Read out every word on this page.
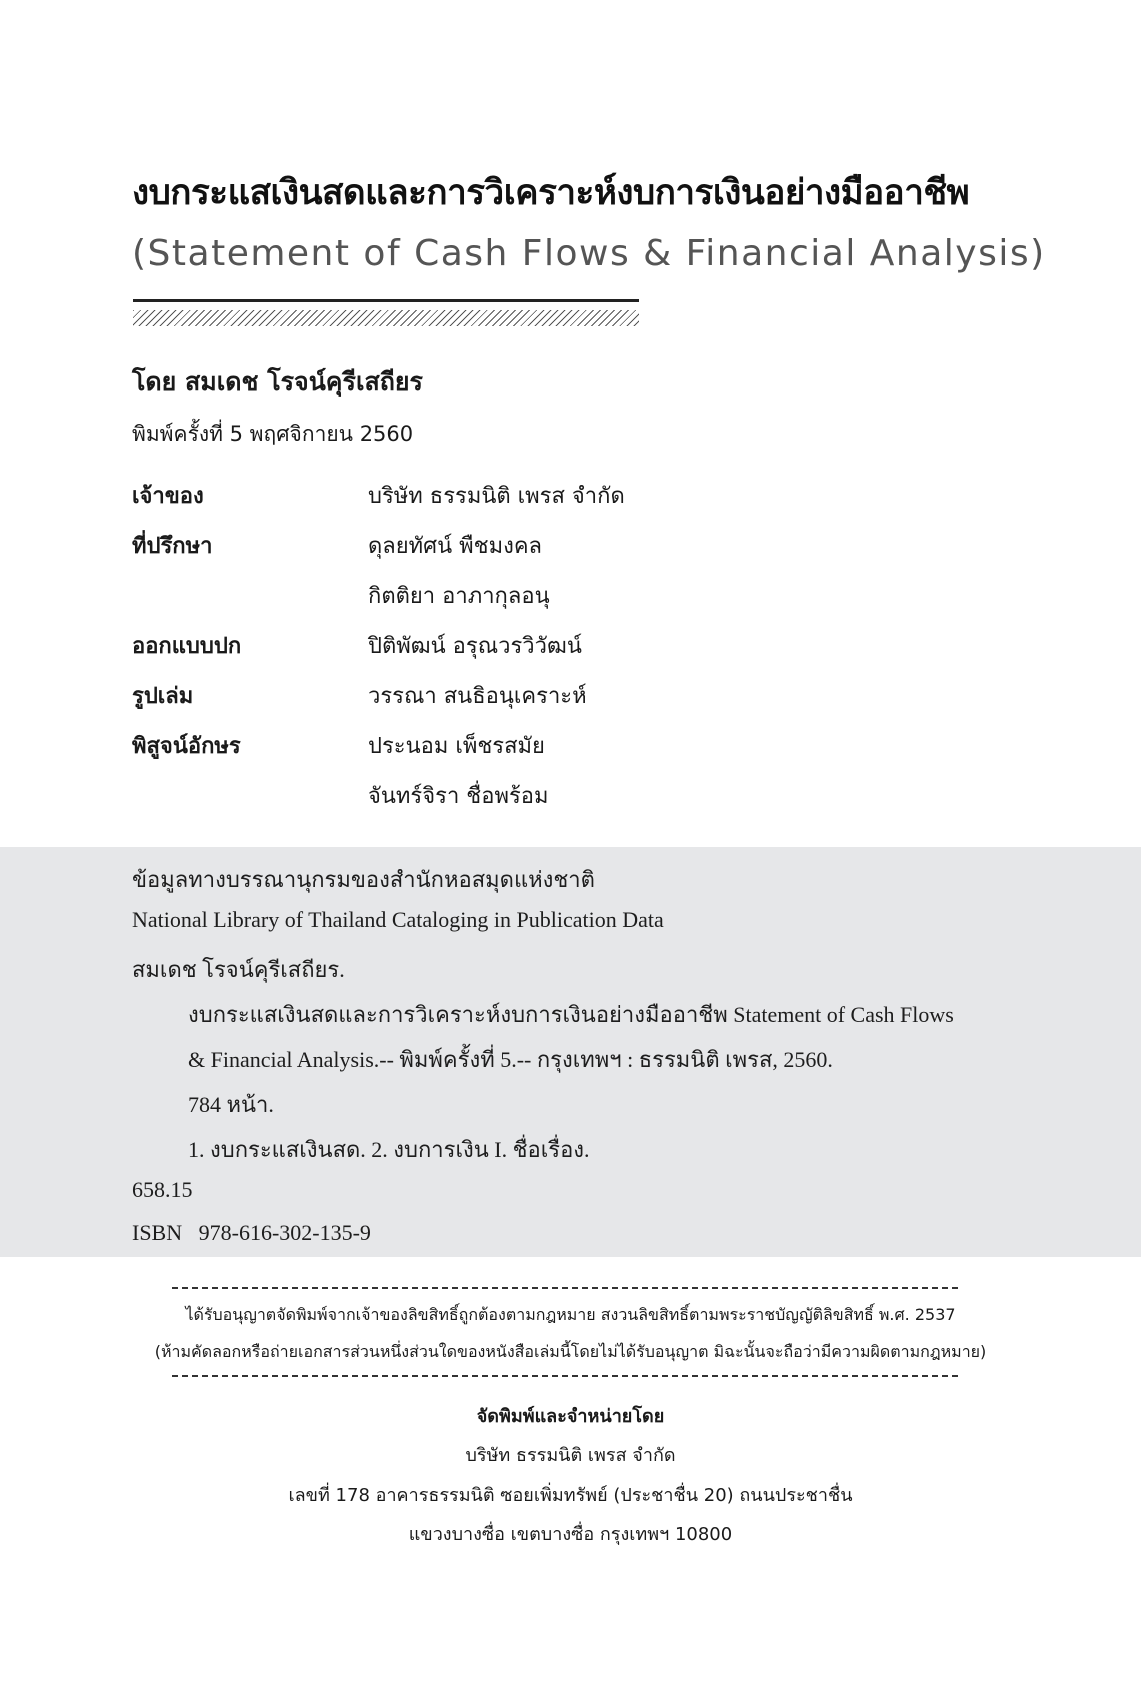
งบกระแสเงินสดและการวิเคราะห์งบการเงินอย่างมืออาชีพ
(Statement of Cash Flows & Financial Analysis)
โดย สมเดช โรจน์คุรีเสถียร
พิมพ์ครั้งที่ 5 พฤศจิกายน 2560
เจ้าของ	บริษัท ธรรมนิติ เพรส จำกัด
ที่ปรึกษา	ดุลยทัศน์ พืชมงคล
กิตติยา อาภากุลอนุ
ออกแบบปก	ปิติพัฒน์ อรุณวรวิวัฒน์
รูปเล่ม	วรรณา สนธิอนุเคราะห์
พิสูจน์อักษร	ประนอม เพ็ชรสมัย
จันทร์จิรา ชื่อพร้อม
ข้อมูลทางบรรณานุกรมของสำนักหอสมุดแห่งชาติ
National Library of Thailand Cataloging in Publication Data
สมเดช โรจน์คุรีเสถียร.
งบกระแสเงินสดและการวิเคราะห์งบการเงินอย่างมืออาชีพ Statement of Cash Flows
& Financial Analysis.-- พิมพ์ครั้งที่ 5.-- กรุงเทพฯ : ธรรมนิติ เพรส, 2560.
784 หน้า.
1. งบกระแสเงินสด. 2. งบการเงิน I. ชื่อเรื่อง.
658.15
ISBN   978-616-302-135-9
ได้รับอนุญาตจัดพิมพ์จากเจ้าของลิขสิทธิ์ถูกต้องตามกฎหมาย สงวนลิขสิทธิ์ตามพระราชบัญญัติลิขสิทธิ์ พ.ศ. 2537
(ห้ามคัดลอกหรือถ่ายเอกสารส่วนหนึ่งส่วนใดของหนังสือเล่มนี้โดยไม่ได้รับอนุญาต มิฉะนั้นจะถือว่ามีความผิดตามกฎหมาย)
จัดพิมพ์และจำหน่ายโดย
บริษัท ธรรมนิติ เพรส จำกัด
เลขที่ 178 อาคารธรรมนิติ ซอยเพิ่มทรัพย์ (ประชาชื่น 20) ถนนประชาชื่น
แขวงบางซื่อ เขตบางซื่อ กรุงเทพฯ 10800
